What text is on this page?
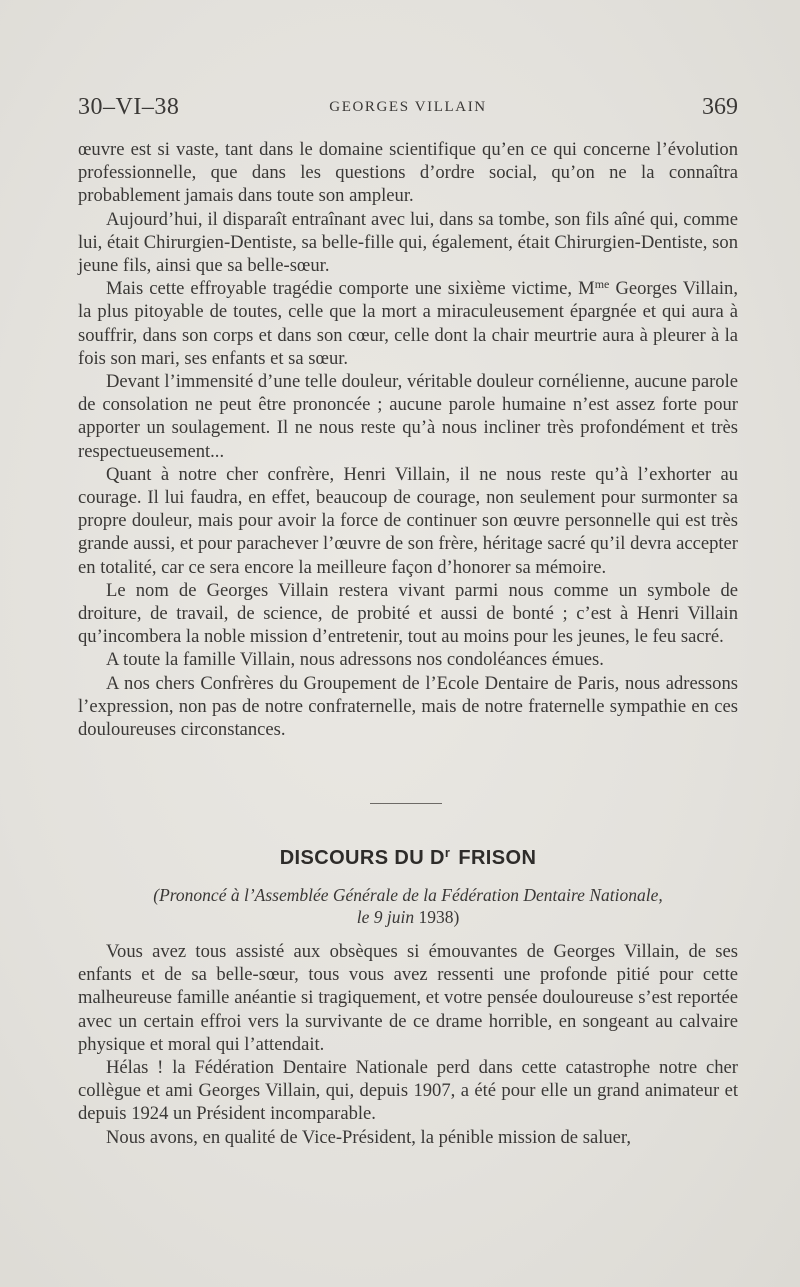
GEORGES VILLAIN
30–VI–38	369

œuvre est si vaste, tant dans le domaine scientifique qu’en ce qui concerne l’évolution professionnelle, que dans les questions d’ordre social, qu’on ne la connaîtra probablement jamais dans toute son ampleur.

Aujourd’hui, il disparaît entraînant avec lui, dans sa tombe, son fils aîné qui, comme lui, était Chirurgien-Dentiste, sa belle-fille qui, également, était Chirurgien-Dentiste, son jeune fils, ainsi que sa belle-sœur.

Mais cette effroyable tragédie comporte une sixième victime, $M^{me}$ Georges Villain, la plus pitoyable de toutes, celle que la mort a miraculeusement épargnée et qui aura à souffrir, dans son corps et dans son cœur, celle dont la chair meurtrie aura à pleurer à la fois son mari, ses enfants et sa sœur.

Devant l’immensité d’une telle douleur, véritable douleur cornélienne, aucune parole de consolation ne peut être prononcée ; aucune parole humaine n’est assez forte pour apporter un soulagement. Il ne nous reste qu’à nous incliner très profondément et très respectueusement...

Quant à notre cher confrère, Henri Villain, il ne nous reste qu’à l’exhorter au courage. Il lui faudra, en effet, beaucoup de courage, non seulement pour surmonter sa propre douleur, mais pour avoir la force de continuer son œuvre personnelle qui est très grande aussi, et pour parachever l’œuvre de son frère, héritage sacré qu’il devra accepter en totalité, car ce sera encore la meilleure façon d’honorer sa mémoire.

Le nom de Georges Villain restera vivant parmi nous comme un symbole de droiture, de travail, de science, de probité et aussi de bonté ; c’est à Henri Villain qu’incombera la noble mission d’entretenir, tout au moins pour les jeunes, le feu sacré.

A toute la famille Villain, nous adressons nos condoléances émues.

A nos chers Confrères du Groupement de l’Ecole Dentaire de Paris, nous adressons l’expression, non pas de notre confraternelle, mais de notre fraternelle sympathie en ces douloureuses circonstances.

DISCOURS DU $D^r$ FRISON
(Prononcé à l’Assemblée Générale de la Fédération Dentaire Nationale,
le 9 juin 1938)

Vous avez tous assisté aux obsèques si émouvantes de Georges Villain, de ses enfants et de sa belle-sœur, tous vous avez ressenti une profonde pitié pour cette malheureuse famille anéantie si tragiquement, et votre pensée douloureuse s’est reportée avec un certain effroi vers la survivante de ce drame horrible, en songeant au calvaire physique et moral qui l’attendait.

Hélas ! la Fédération Dentaire Nationale perd dans cette catastrophe notre cher collègue et ami Georges Villain, qui, depuis 1907, a été pour elle un grand animateur et depuis 1924 un Président incomparable.

Nous avons, en qualité de Vice-Président, la pénible mission de saluer,
